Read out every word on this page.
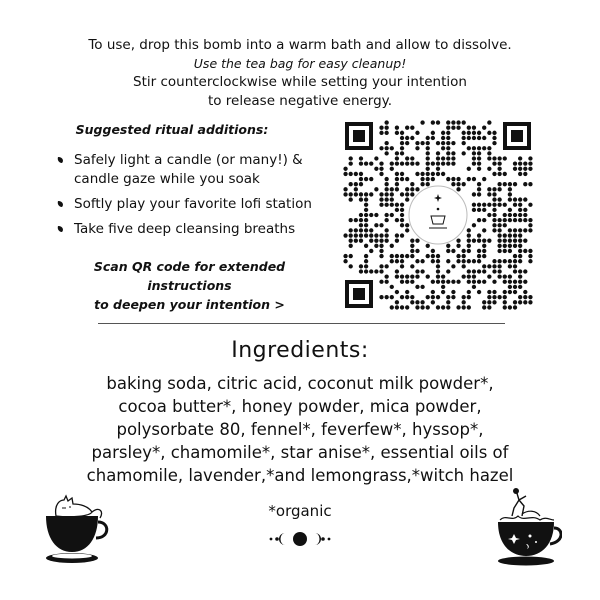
To use, drop this bomb into a warm bath and allow to dissolve.
Use the tea bag for easy cleanup!
Stir counterclockwise while setting your intention
to release negative energy.
Suggested ritual additions:
Safely light a candle (or many!) & candle gaze while you soak
Softly play your favorite lofi station
Take five deep cleansing breaths
Scan QR code for extended instructions
to deepen your intention >
Ingredients:
baking soda, citric acid, coconut milk powder*,
cocoa butter*, honey powder, mica powder,
polysorbate 80, fennel*, feverfew*, hyssop*,
parsley*, chamomile*, star anise*, essential oils of
chamomile, lavender,*and lemongrass,*witch hazel
*organic
